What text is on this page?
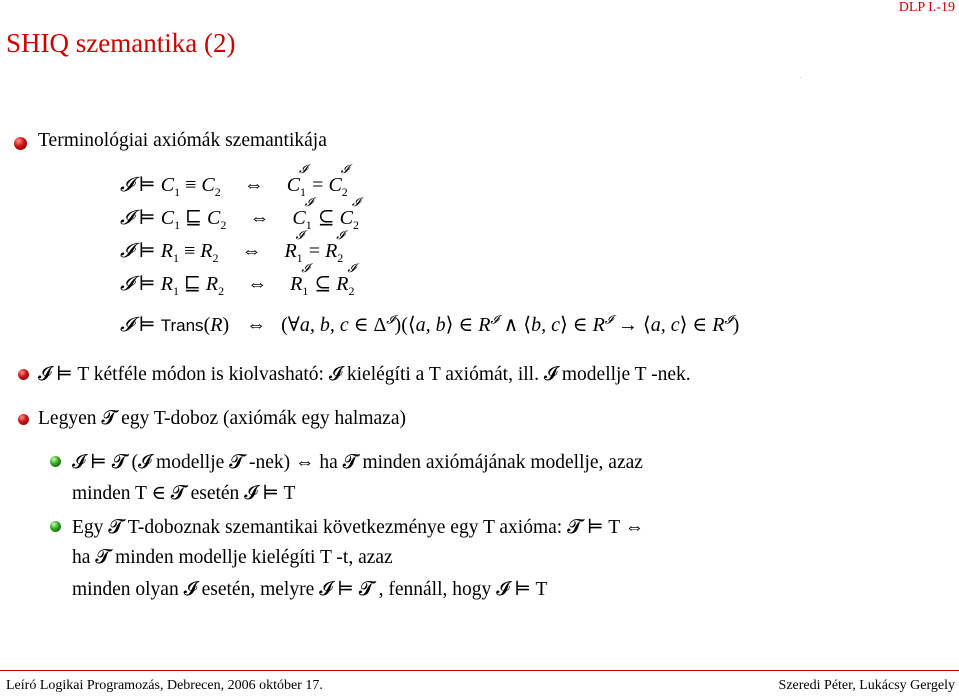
SHIQ szemantika (2)
DLP I.-19
.
Terminológiai axiómák szemantikája
𝓘 ⊨ $C_1 \equiv C_2$ ⇔ $C_1^𝓘 = C_2^𝓘$
𝓘 ⊨ $C_1$ ⊑ $C_2$ ⇔ $C_1^𝓘$ ⊆ $C_2^𝓘$
𝓘 ⊨ $R_1 \equiv R_2$ ⇔ $R_1^𝓘 = R_2^𝓘$
𝓘 ⊨ $R_1$ ⊑ $R_2$ ⇔ $R_1^𝓘$ ⊆ $R_2^𝓘$
𝓘 ⊨ Trans(R) ⇔ (∀a, b, c ∈ $\Delta^𝓘)(⟨a$, b⟩ ∈ $R^𝓘$ ∧ ⟨b, c⟩ ∈ $R^𝓘$ → ⟨a, c⟩ ∈ $R^𝓘$)
𝓘 ⊨ T kétféle módon is kiolvasható: 𝓘 kielégíti a T axiómát, ill. 𝓘 modellje T -nek.
Legyen 𝓣 egy T-doboz (axiómák egy halmaza)
𝓘 ⊨ 𝓣 (𝓘 modellje 𝓣 -nek) ⇔ ha 𝓣 minden axiómájának modellje, azaz
minden T ∈ 𝓣 esetén 𝓘 ⊨ T
Egy 𝓣 T-doboznak szemantikai következménye egy T axióma: 𝓣 ⊨ T ⇔
ha 𝓣 minden modellje kielégíti T -t, azaz
minden olyan 𝓘 esetén, melyre 𝓘 ⊨ 𝓣 , fennáll, hogy 𝓘 ⊨ T
Leíró Logikai Programozás, Debrecen, 2006 október 17.	Szeredi Péter, Lukácsy Gergely
